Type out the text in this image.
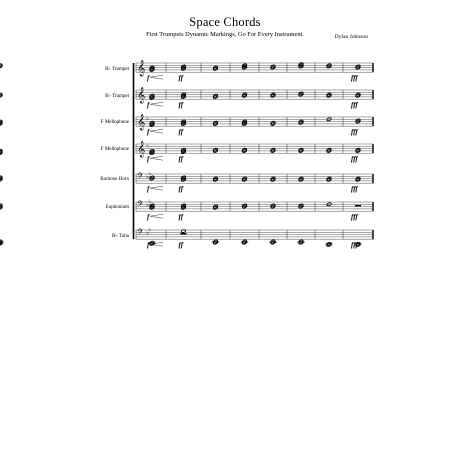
Space Chords
First Trumpets Dynamic Markings, Go For Every Instrument.	Dylan Johnson
B♭ Trumpet
B♭ Trumpet
F Mellophone
F Mellophone
Baritone Horn
Euphonium
B♭ Tuba
𝄞
f	ff	fff
𝄞
f	ff	fff
𝄞 ♭
f	ff	fff
𝄞 ♭
f	ff	fff
𝄢 ♭ ♭
f	ff	fff
𝄢 ♭ ♭
f	ff	fff
𝄢 ♭ ♭
f	ff	fff
